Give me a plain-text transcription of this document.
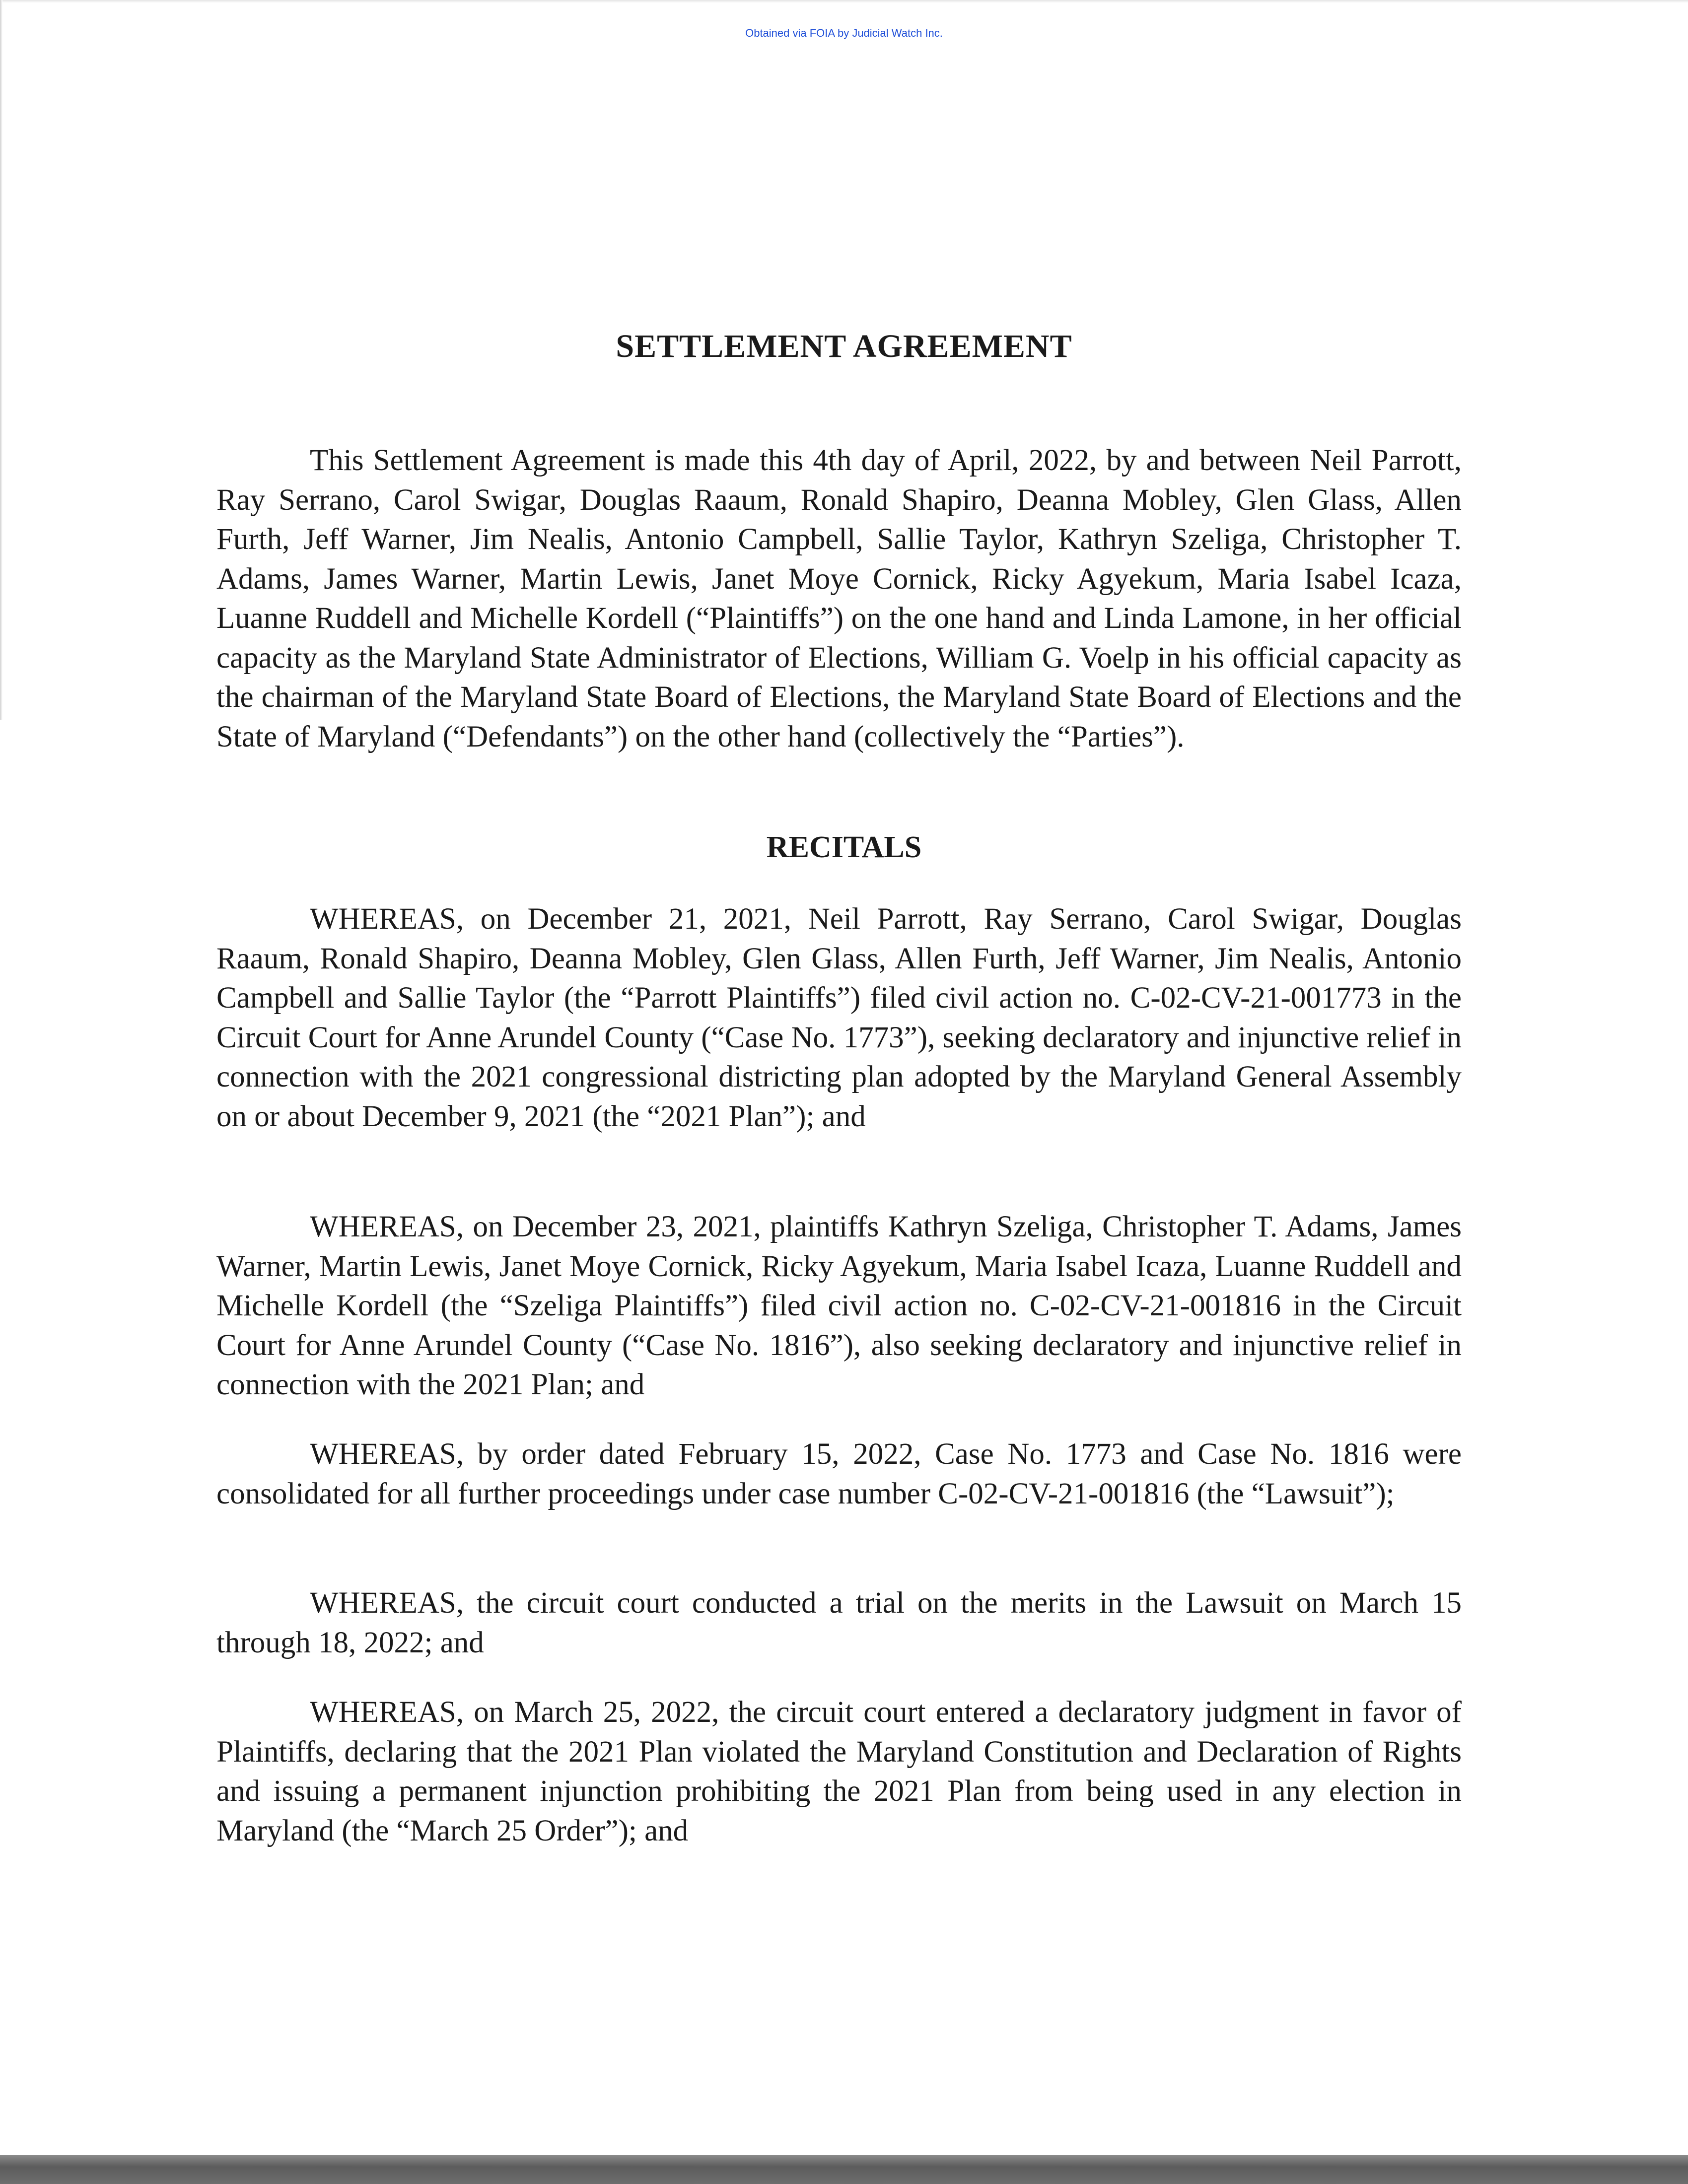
Obtained via FOIA by Judicial Watch Inc.
SETTLEMENT AGREEMENT

This Settlement Agreement is made this 4th day of April, 2022, by and between Neil Parrott, Ray Serrano, Carol Swigar, Douglas Raaum, Ronald Shapiro, Deanna Mobley, Glen Glass, Allen Furth, Jeff Warner, Jim Nealis, Antonio Campbell, Sallie Taylor, Kathryn Szeliga, Christopher T. Adams, James Warner, Martin Lewis, Janet Moye Cornick, Ricky Agyekum, Maria Isabel Icaza, Luanne Ruddell and Michelle Kordell (“Plaintiffs”) on the one hand and Linda Lamone, in her official capacity as the Maryland State Administrator of Elections, William G. Voelp in his official capacity as the chairman of the Maryland State Board of Elections, the Maryland State Board of Elections and the State of Maryland (“Defendants”) on the other hand (collectively the “Parties”).

RECITALS

WHEREAS, on December 21, 2021, Neil Parrott, Ray Serrano, Carol Swigar, Douglas Raaum, Ronald Shapiro, Deanna Mobley, Glen Glass, Allen Furth, Jeff Warner, Jim Nealis, Antonio Campbell and Sallie Taylor (the “Parrott Plaintiffs”) filed civil action no. C-02-CV-21-001773 in the Circuit Court for Anne Arundel County (“Case No. 1773”), seeking declaratory and injunctive relief in connection with the 2021 congressional districting plan adopted by the Maryland General Assembly on or about December 9, 2021 (the “2021 Plan”); and

WHEREAS, on December 23, 2021, plaintiffs Kathryn Szeliga, Christopher T. Adams, James Warner, Martin Lewis, Janet Moye Cornick, Ricky Agyekum, Maria Isabel Icaza, Luanne Ruddell and Michelle Kordell (the “Szeliga Plaintiffs”) filed civil action no. C-02-CV-21-001816 in the Circuit Court for Anne Arundel County (“Case No. 1816”), also seeking declaratory and injunctive relief in connection with the 2021 Plan; and

WHEREAS, by order dated February 15, 2022, Case No. 1773 and Case No. 1816 were consolidated for all further proceedings under case number C-02-CV-21-001816 (the “Lawsuit”);

WHEREAS, the circuit court conducted a trial on the merits in the Lawsuit on March 15 through 18, 2022; and

WHEREAS, on March 25, 2022, the circuit court entered a declaratory judgment in favor of Plaintiffs, declaring that the 2021 Plan violated the Maryland Constitution and Declaration of Rights and issuing a permanent injunction prohibiting the 2021 Plan from being used in any election in Maryland (the “March 25 Order”); and
